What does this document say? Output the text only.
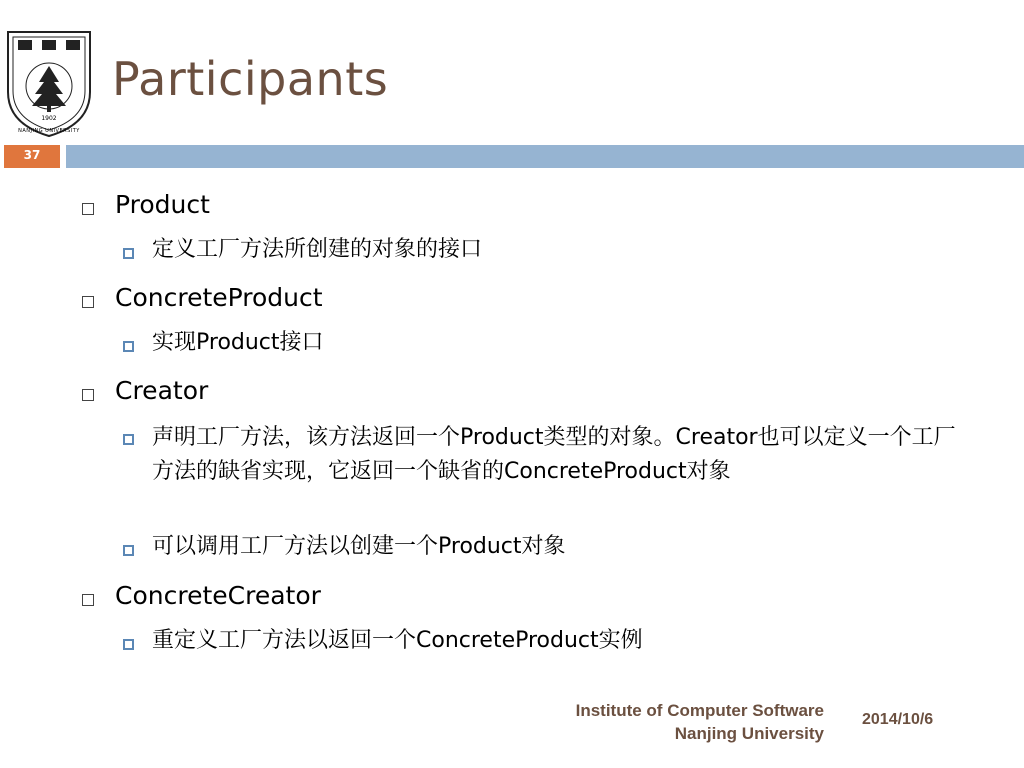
1902
NANJING UNIVERSITY
Participants
37
Product
定义工厂方法所创建的对象的接口
ConcreteProduct
实现Product接口
Creator
声明工厂方法，该方法返回一个Product类型的对象。Creator也可以定义一个工厂方法的缺省实现，它返回一个缺省的ConcreteProduct对象
可以调用工厂方法以创建一个Product对象
ConcreteCreator
重定义工厂方法以返回一个ConcreteProduct实例
Institute of Computer Software
Nanjing University
2014/10/6
